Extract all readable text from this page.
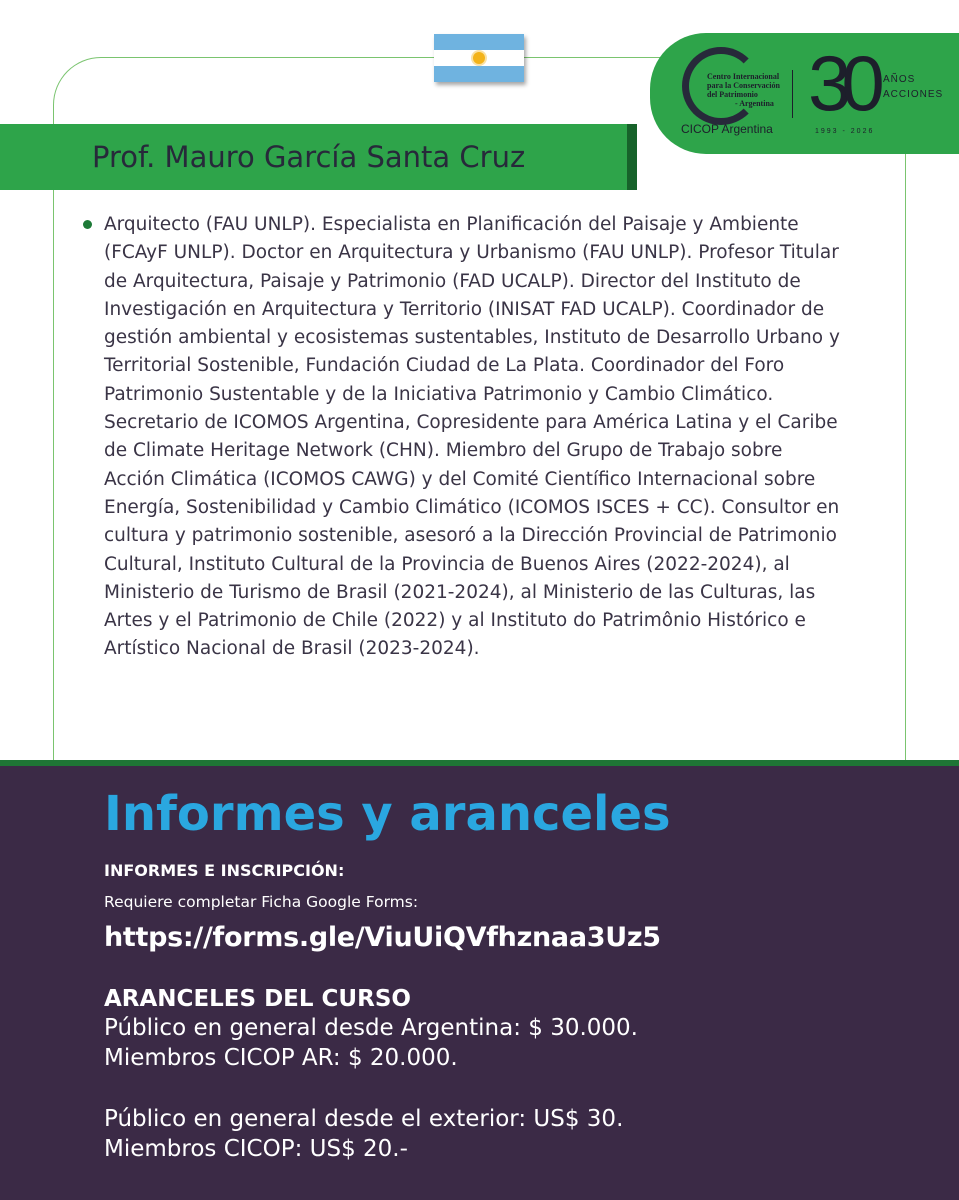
Centro Internacional
para la Conservación
del Patrimonio
- Argentina
CICOP Argentina
30 AÑOS
ACCIONES
1993 - 2026
Prof. Mauro García Santa Cruz
Arquitecto (FAU UNLP). Especialista en Planificación del Paisaje y Ambiente (FCAyF UNLP). Doctor en Arquitectura y Urbanismo (FAU UNLP). Profesor Titular de Arquitectura, Paisaje y Patrimonio (FAD UCALP). Director del Instituto de Investigación en Arquitectura y Territorio (INISAT FAD UCALP). Coordinador de gestión ambiental y ecosistemas sustentables, Instituto de Desarrollo Urbano y Territorial Sostenible, Fundación Ciudad de La Plata. Coordinador del Foro Patrimonio Sustentable y de la Iniciativa Patrimonio y Cambio Climático. Secretario de ICOMOS Argentina, Copresidente para América Latina y el Caribe de Climate Heritage Network (CHN). Miembro del Grupo de Trabajo sobre Acción Climática (ICOMOS CAWG) y del Comité Científico Internacional sobre Energía, Sostenibilidad y Cambio Climático (ICOMOS ISCES + CC). Consultor en cultura y patrimonio sostenible, asesoró a la Dirección Provincial de Patrimonio Cultural, Instituto Cultural de la Provincia de Buenos Aires (2022-2024), al Ministerio de Turismo de Brasil (2021-2024), al Ministerio de las Culturas, las Artes y el Patrimonio de Chile (2022) y al Instituto do Patrimônio Histórico e Artístico Nacional de Brasil (2023-2024).
Informes y aranceles
INFORMES E INSCRIPCIÓN:
Requiere completar Ficha Google Forms:
https://forms.gle/ViuUiQVfhznaa3Uz5
ARANCELES DEL CURSO
Público en general desde Argentina: $ 30.000.
Miembros CICOP AR: $ 20.000.
Público en general desde el exterior: US$ 30.
Miembros CICOP: US$ 20.-
